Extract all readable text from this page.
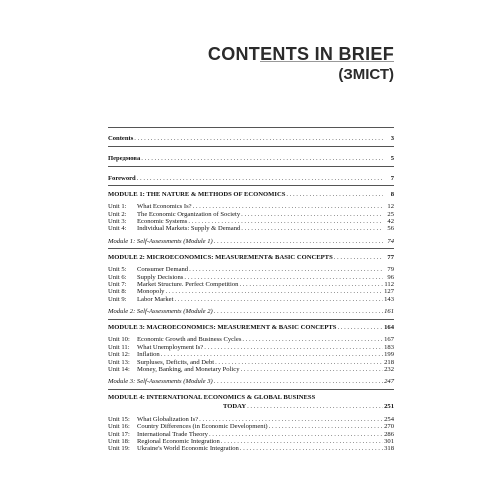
CONTENTS IN BRIEF
(ЗМІСТ)
Contents . . .	3
Передмова . . .	5
Foreword . . .	7
MODULE 1: THE NATURE & METHODS OF ECONOMICS . . .	8
Unit 1:	What Economics Is? . . .	12
Unit 2:	The Economic Organization of Society . . .	25
Unit 3:	Economic Systems . . .	42
Unit 4:	Individual Markets: Supply & Demand . . .	56
Module 1: Self-Assessments (Module 1) . . .	74
MODULE 2: MICROECONOMICS: MEASUREMENT& BASIC CONCEPTS . . .	77
Unit 5:	Consumer Demand . . .	79
Unit 6:	Supply Decisions . . .	96
Unit 7:	Market Structure. Perfect Competition . . .	112
Unit 8:	Monopoly . . .	127
Unit 9:	Labor Market . . .	143
Module 2: Self-Assessments (Module 2) . . .	161
MODULE 3: MACROECONOMICS: MEASUREMENT & BASIC CONCEPTS . . .	164
Unit 10:	Economic Growth and Business Cycles . . .	167
Unit 11:	What Unemployment Is? . . .	183
Unit 12:	Inflation . . .	199
Unit 13:	Surpluses, Deficits, and Debt . . .	218
Unit 14:	Money, Banking, and Monetary Policy . . .	232
Module 3: Self-Assessments (Module 3) . . .	247
MODULE 4: INTERNATIONAL ECONOMICS & GLOBAL BUSINESS
TODAY . . .	251
Unit 15:	What Globalization Is? . . .	254
Unit 16:	Country Differences (in Economic Development) . . .	270
Unit 17:	International Trade Theory . . .	286
Unit 18:	Regional Economic Integration . . .	301
Unit 19:	Ukraine's World Economic Integration . . .	318
